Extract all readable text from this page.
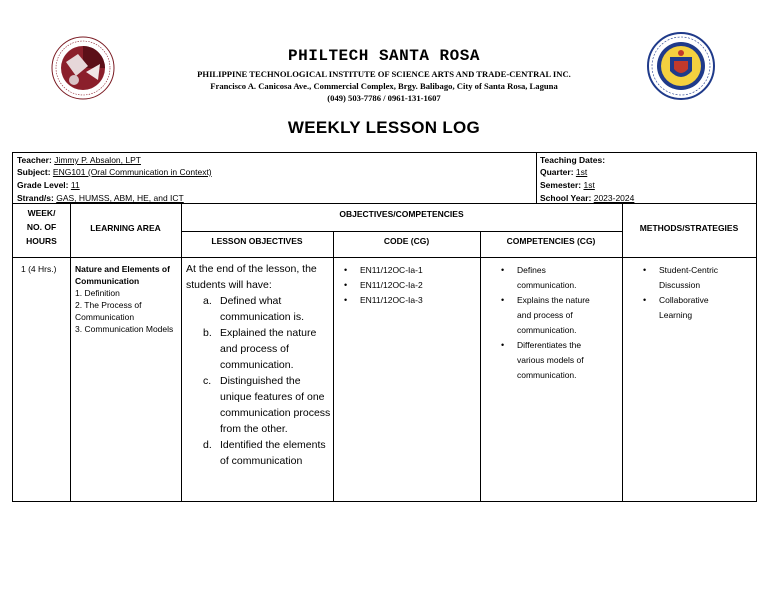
PHILTECH SANTA ROSA
PHILIPPINE TECHNOLOGICAL INSTITUTE OF SCIENCE ARTS AND TRADE-CENTRAL INC.
Francisco A. Canicosa Ave., Commercial Complex, Brgy. Balibago, City of Santa Rosa, Laguna
(049) 503-7786 / 0961-131-1607
WEEKLY LESSON LOG
Teacher: Jimmy P. Absalon, LPT
Subject: ENG101 (Oral Communication in Context)
Grade Level: 11
Strand/s: GAS, HUMSS, ABM, HE, and ICT
Teaching Dates:
Quarter: 1st
Semester: 1st
School Year: 2023-2024
WEEK/
NO. OF
HOURS
LEARNING AREA
OBJECTIVES/COMPETENCIES
LESSON OBJECTIVES	CODE (CG)	COMPETENCIES (CG)
METHODS/STRATEGIES
1 (4 Hrs.) Nature and Elements of Communication
1. Definition
2. The Process of Communication
3. Communication Models
At the end of the lesson, the students will have:
a. Defined what communication is.
b. Explained the nature and process of communication.
c. Distinguished the unique features of one communication process from the other.
d. Identified the elements of communication
• EN11/12OC-Ia-1
• EN11/12OC-Ia-2
• EN11/12OC-Ia-3
• Defines communication.
• Explains the nature and process of communication.
• Differentiates the various models of communication.
• Student-Centric Discussion
• Collaborative Learning
